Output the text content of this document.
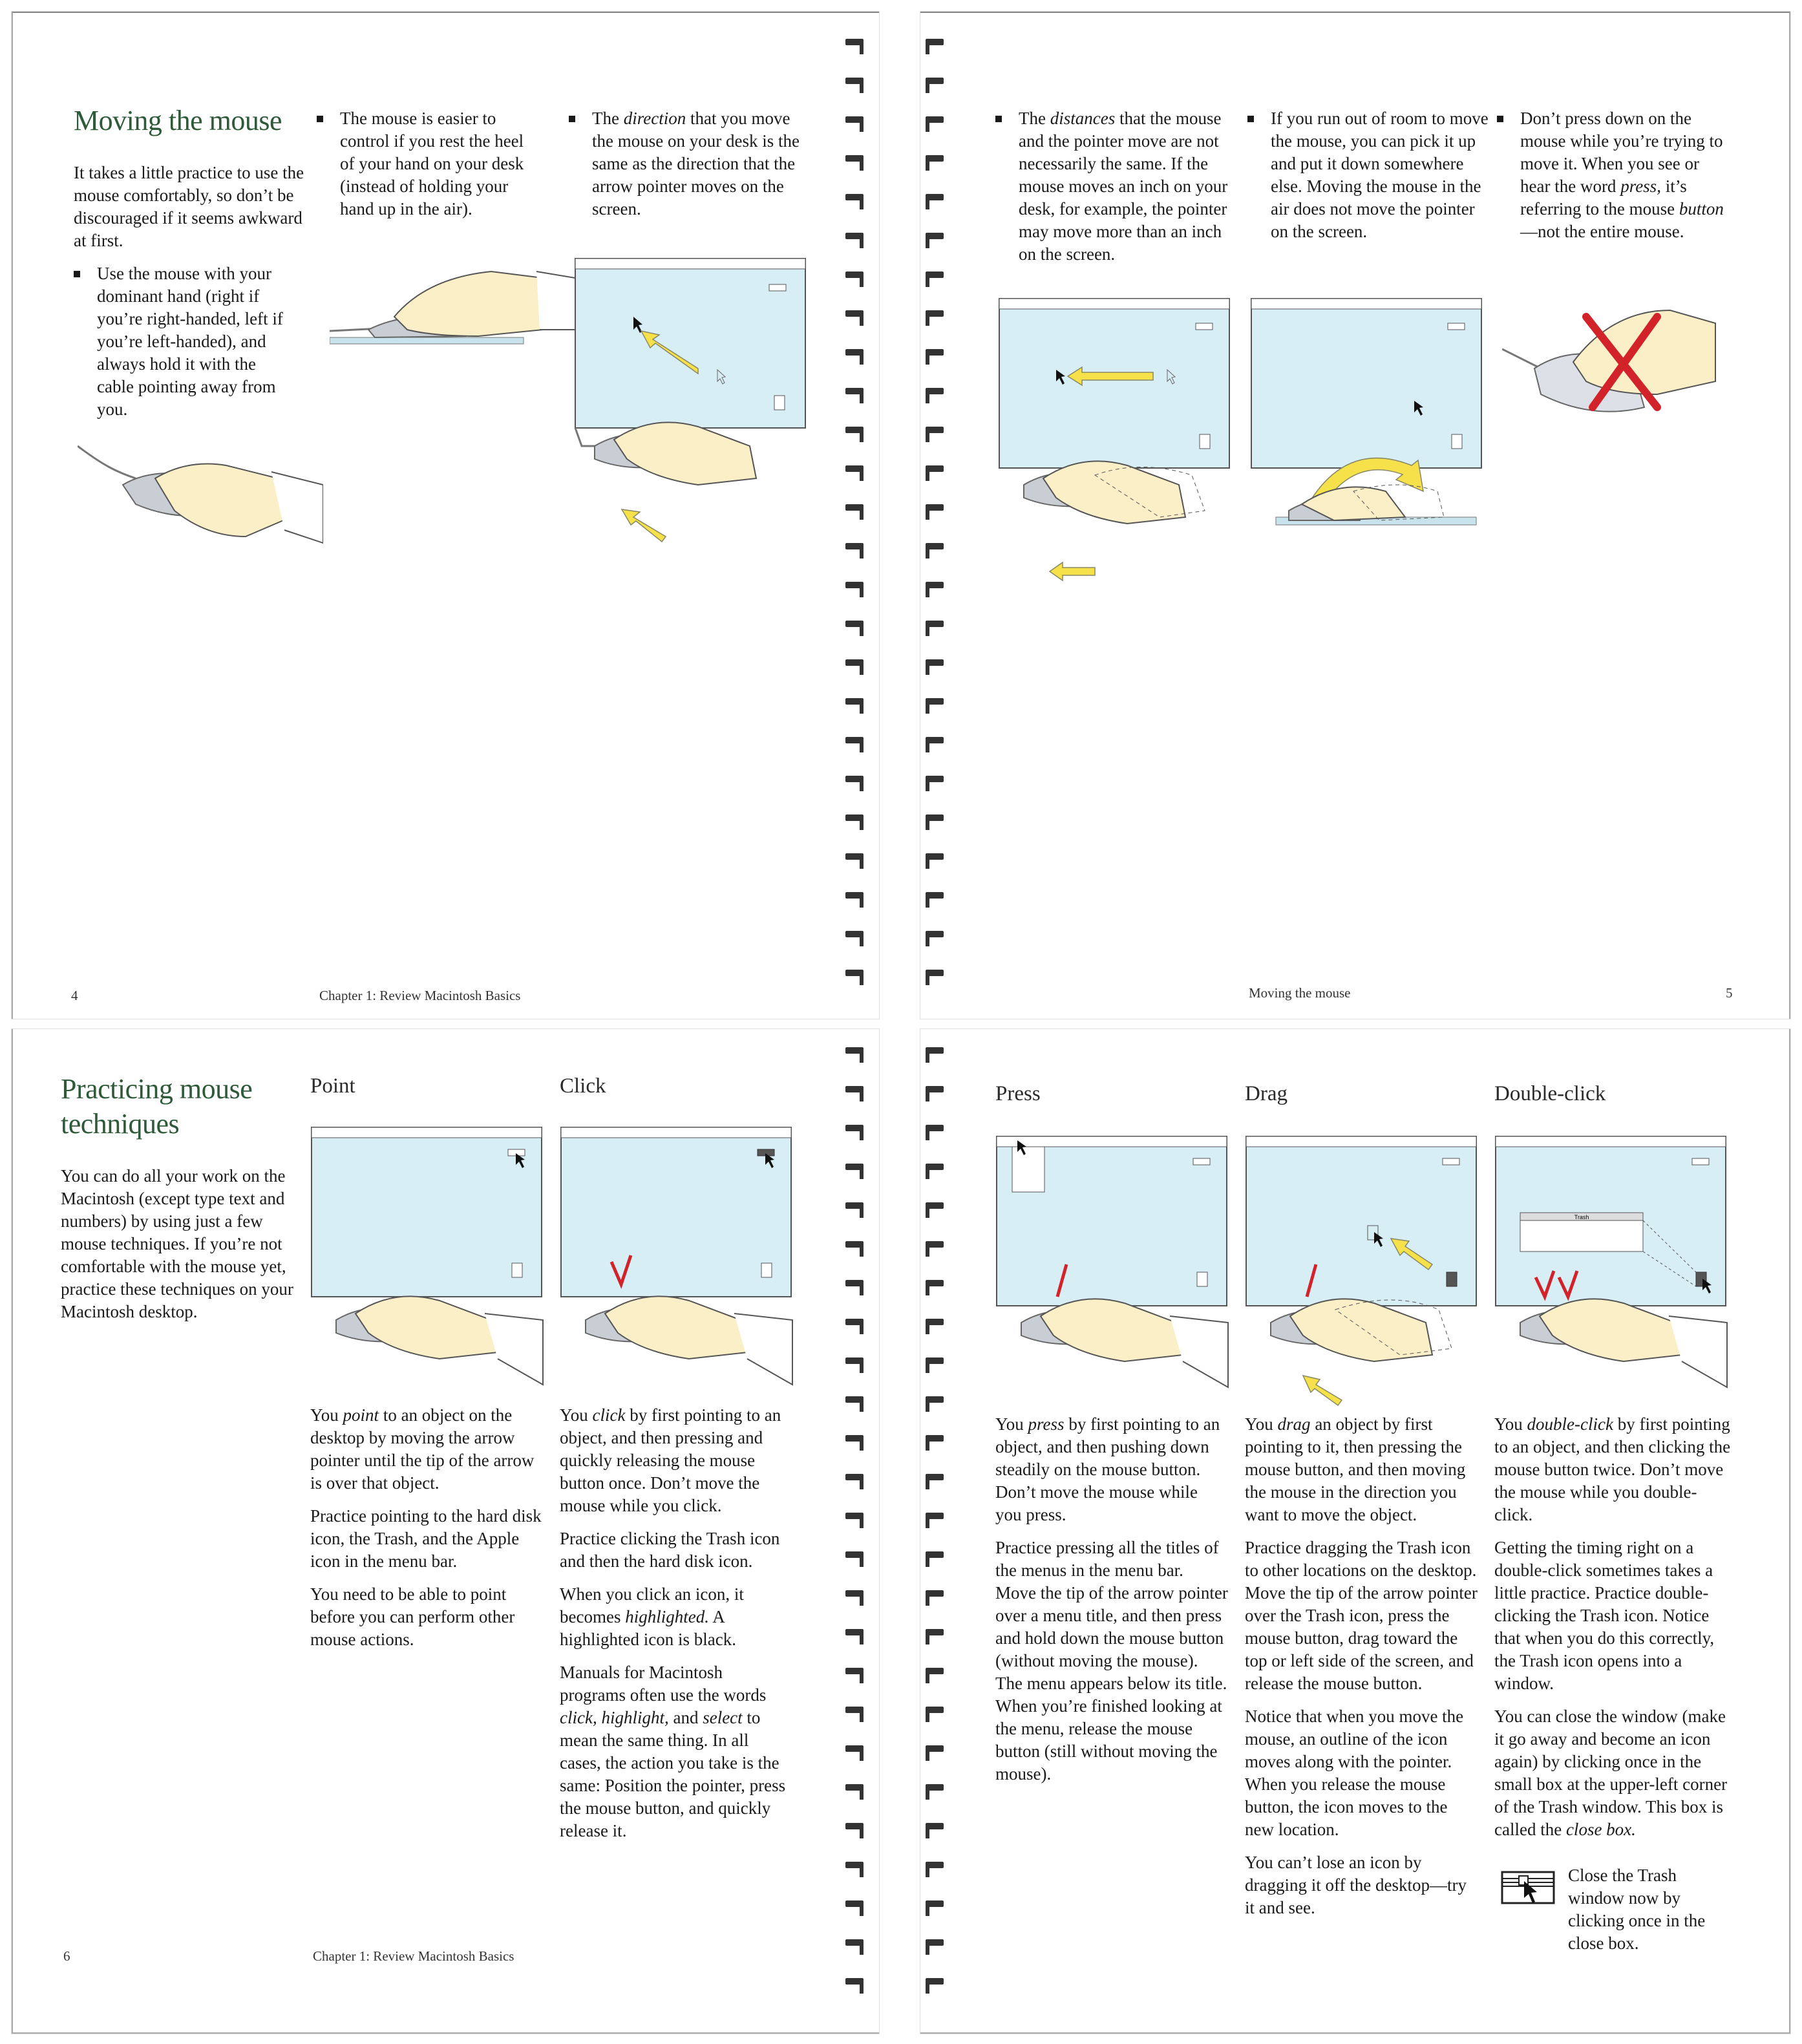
Moving the mouse
It takes a little practice to use the mouse comfortably, so don’t be discouraged if it seems awkward at first.
Use the mouse with your dominant hand (right if you’re right-handed, left if you’re left-handed), and always hold it with the cable pointing away from you.
The mouse is easier to control if you rest the heel of your hand on your desk (instead of holding your hand up in the air).
The direction that you move the mouse on your desk is the same as the direction that the arrow pointer moves on the screen.
4	Chapter 1: Review Macintosh Basics
The distances that the mouse and the pointer move are not necessarily the same. If the mouse moves an inch on your desk, for example, the pointer may move more than an inch on the screen.
If you run out of room to move the mouse, you can pick it up and put it down somewhere else. Moving the mouse in the air does not move the pointer on the screen.
Don’t press down on the mouse while you’re trying to move it. When you see or hear the word press, it’s referring to the mouse button—not the entire mouse.
Moving the mouse	5
Practicing mouse
techniques
You can do all your work on the Macintosh (except type text and numbers) by using just a few mouse techniques. If you’re not comfortable with the mouse yet, practice these techniques on your Macintosh desktop.
Point	Click

You point to an object on the desktop by moving the arrow pointer until the tip of the arrow is over that object.

Practice pointing to the hard disk icon, the Trash, and the Apple icon in the menu bar.

You need to be able to point before you can perform other mouse actions.

You click by first pointing to an object, and then pressing and quickly releasing the mouse button once. Don’t move the mouse while you click.

Practice clicking the Trash icon and then the hard disk icon.

When you click an icon, it becomes highlighted. A highlighted icon is black.

Manuals for Macintosh programs often use the words click, highlight, and select to mean the same thing. In all cases, the action you take is the same: Position the pointer, press the mouse button, and quickly release it.

6	Chapter 1: Review Macintosh Basics
Press	Drag	Double-click
Trash

You press by first pointing to an object, and then pushing down steadily on the mouse button. Don’t move the mouse while you press.

Practice pressing all the titles of the menus in the menu bar. Move the tip of the arrow pointer over a menu title, and then press and hold down the mouse button (without moving the mouse). The menu appears below its title. When you’re finished looking at the menu, release the mouse button (still without moving the mouse).

You drag an object by first pointing to it, then pressing the mouse button, and then moving the mouse in the direction you want to move the object.

Practice dragging the Trash icon to other locations on the desktop. Move the tip of the arrow pointer over the Trash icon, press the mouse button, drag toward the top or left side of the screen, and release the mouse button.

Notice that when you move the mouse, an outline of the icon moves along with the pointer. When you release the mouse button, the icon moves to the new location.

You can’t lose an icon by dragging it off the desktop—try it and see.

You double-click by first pointing to an object, and then clicking the mouse button twice. Don’t move the mouse while you double-click.

Getting the timing right on a double-click sometimes takes a little practice. Practice double-clicking the Trash icon. Notice that when you do this correctly, the Trash icon opens into a window.

You can close the window (make it go away and become an icon again) by clicking once in the small box at the upper-left corner of the Trash window. This box is called the close box.

Close the Trash window now by clicking once in the close box.
